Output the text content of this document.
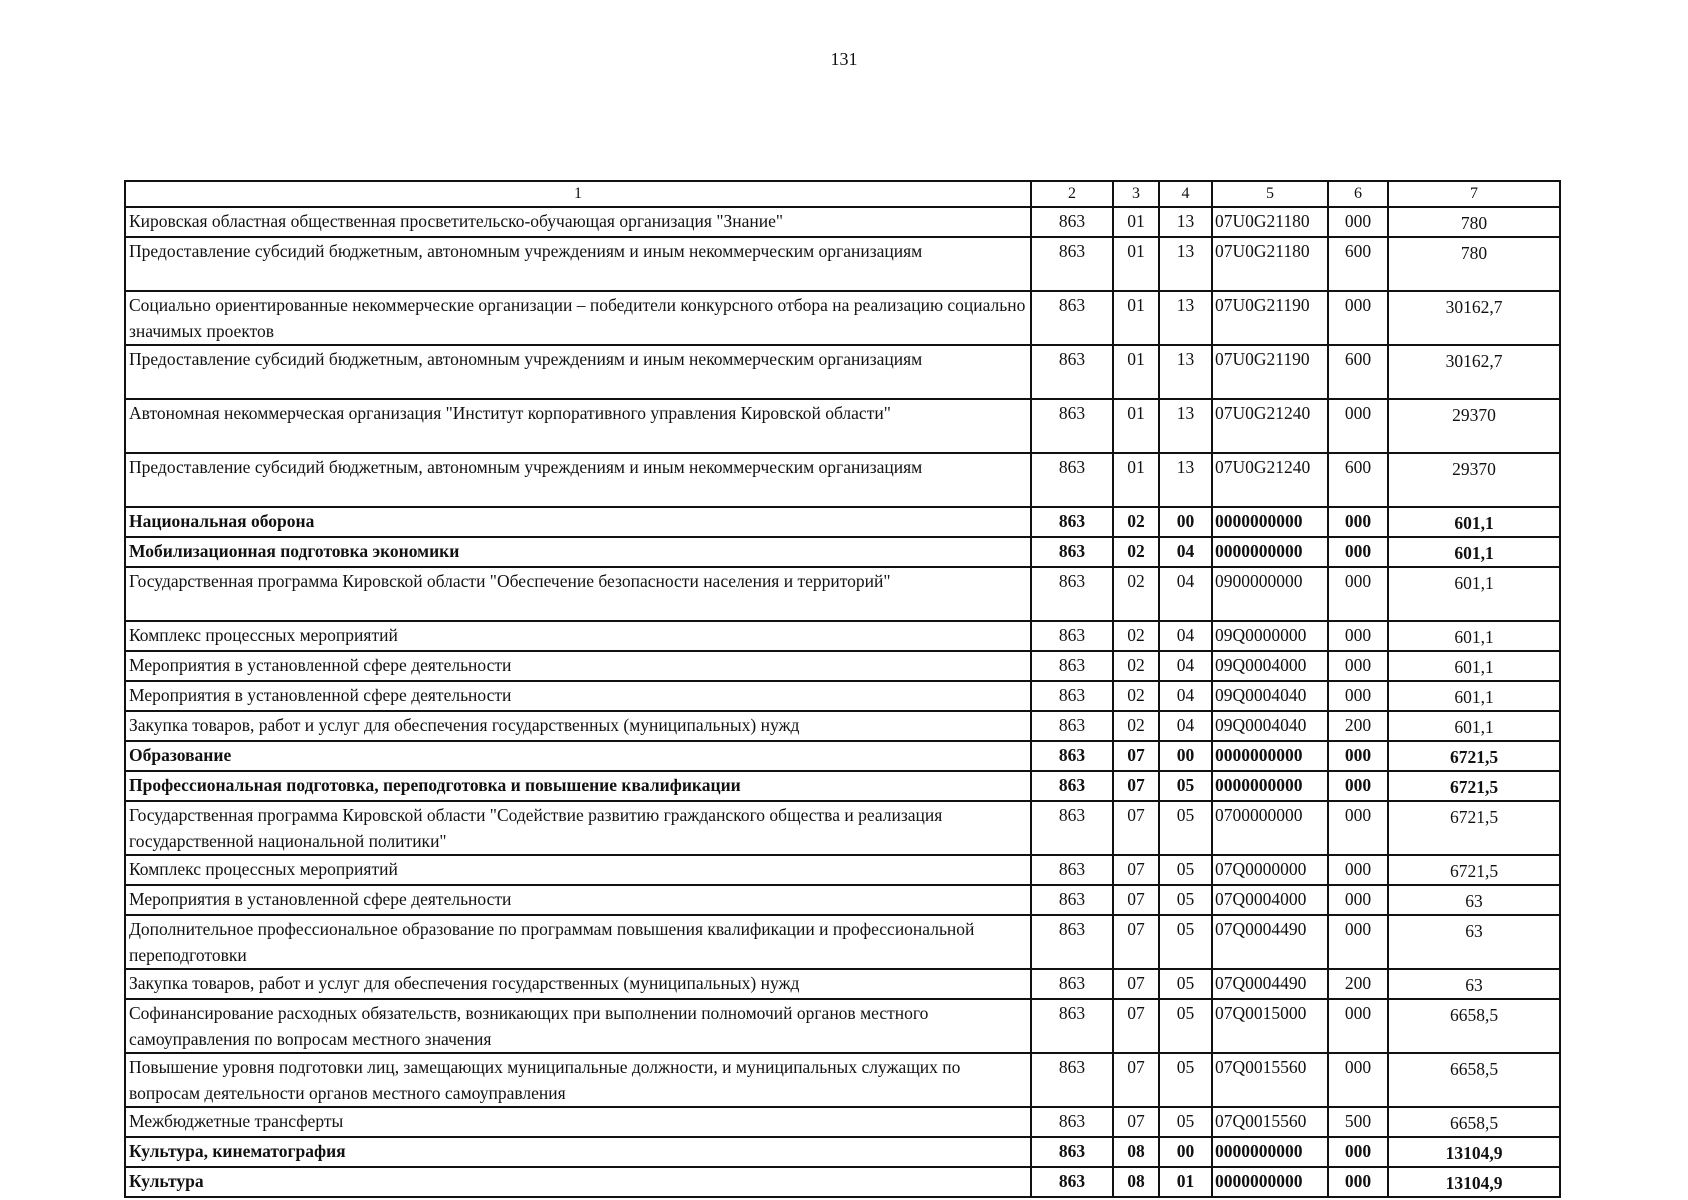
131
1	2	3	4	5	6	7
Кировская областная общественная просветительско-обучающая организация "Знание"	863	01	13	07U0G21180	000	780
Предоставление субсидий бюджетным, автономным учреждениям и иным некоммерческим организациям	863	01	13	07U0G21180	600	780
Социально ориентированные некоммерческие организации – победители конкурсного отбора на реализацию социально значимых проектов	863	01	13	07U0G21190	000	30162,7
Предоставление субсидий бюджетным, автономным учреждениям и иным некоммерческим организациям	863	01	13	07U0G21190	600	30162,7
Автономная некоммерческая организация "Институт корпоративного управления Кировской области"	863	01	13	07U0G21240	000	29370
Предоставление субсидий бюджетным, автономным учреждениям и иным некоммерческим организациям	863	01	13	07U0G21240	600	29370
Национальная оборона	863	02	00	0000000000	000	601,1
Мобилизационная подготовка экономики	863	02	04	0000000000	000	601,1
Государственная программа Кировской области "Обеспечение безопасности населения и территорий"	863	02	04	0900000000	000	601,1
Комплекс процессных мероприятий	863	02	04	09Q0000000	000	601,1
Мероприятия в установленной сфере деятельности	863	02	04	09Q0004000	000	601,1
Мероприятия в установленной сфере деятельности	863	02	04	09Q0004040	000	601,1
Закупка товаров, работ и услуг для обеспечения государственных (муниципальных) нужд	863	02	04	09Q0004040	200	601,1
Образование	863	07	00	0000000000	000	6721,5
Профессиональная подготовка, переподготовка и повышение квалификации	863	07	05	0000000000	000	6721,5
Государственная программа Кировской области "Содействие развитию гражданского общества и реализация государственной национальной политики"	863	07	05	0700000000	000	6721,5
Комплекс процессных мероприятий	863	07	05	07Q0000000	000	6721,5
Мероприятия в установленной сфере деятельности	863	07	05	07Q0004000	000	63
Дополнительное профессиональное образование по программам повышения квалификации и профессиональной переподготовки	863	07	05	07Q0004490	000	63
Закупка товаров, работ и услуг для обеспечения государственных (муниципальных) нужд	863	07	05	07Q0004490	200	63
Софинансирование расходных обязательств, возникающих при выполнении полномочий органов местного самоуправления по вопросам местного значения	863	07	05	07Q0015000	000	6658,5
Повышение уровня подготовки лиц, замещающих муниципальные должности, и муниципальных служащих по вопросам деятельности органов местного самоуправления	863	07	05	07Q0015560	000	6658,5
Межбюджетные трансферты	863	07	05	07Q0015560	500	6658,5
Культура, кинематография	863	08	00	0000000000	000	13104,9
Культура	863	08	01	0000000000	000	13104,9
